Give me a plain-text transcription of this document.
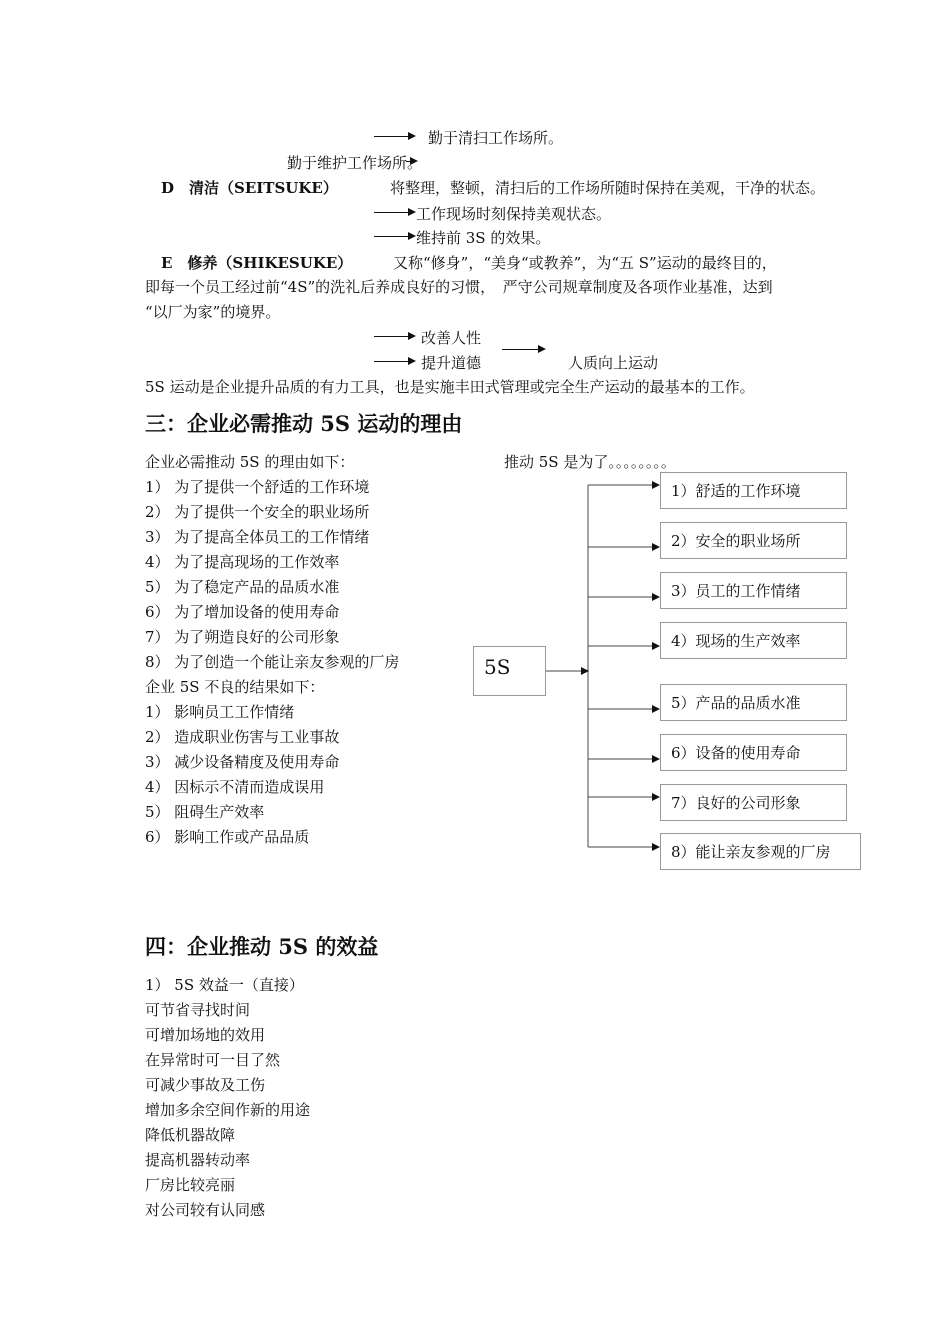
勤于清扫工作场所。
勤于维护工作场所。
D　清洁（SEITSUKE）	将整理，整顿，清扫后的工作场所随时保持在美观，干净的状态。
工作现场时刻保持美观状态。
维持前 3S 的效果。
E　修养（SHIKESUKE）	又称“修身”，“美身“或教养”，为“五 S”运动的最终目的，
即每一个员工经过前“4S”的洗礼后养成良好的习惯，　严守公司规章制度及各项作业基准，达到
“以厂为家”的境界。
改善人性
提升道德	人质向上运动
5S 运动是企业提升品质的有力工具，也是实施丰田式管理或完全生产运动的最基本的工作。
三：企业必需推动 5S 运动的理由
企业必需推动 5S 的理由如下：
1） 为了提供一个舒适的工作环境
2） 为了提供一个安全的职业场所
3） 为了提高全体员工的工作情绪
4） 为了提高现场的工作效率
5） 为了稳定产品的品质水准
6） 为了增加设备的使用寿命
7） 为了朔造良好的公司形象
8） 为了创造一个能让亲友参观的厂房
企业 5S 不良的结果如下：
1） 影响员工工作情绪
2） 造成职业伤害与工业事故
3） 减少设备精度及使用寿命
4） 因标示不清而造成误用
5） 阻碍生产效率
6） 影响工作或产品品质
推动 5S 是为了。。。。。。。。
5S
1）舒适的工作环境
2）安全的职业场所
3）员工的工作情绪
4）现场的生产效率
5）产品的品质水准
6）设备的使用寿命
7）良好的公司形象
8）能让亲友参观的厂房
四：企业推动 5S 的效益
1） 5S 效益一（直接）
可节省寻找时间
可增加场地的效用
在异常时可一目了然
可减少事故及工伤
增加多余空间作新的用途
降低机器故障
提高机器转动率
厂房比较亮丽
对公司较有认同感
